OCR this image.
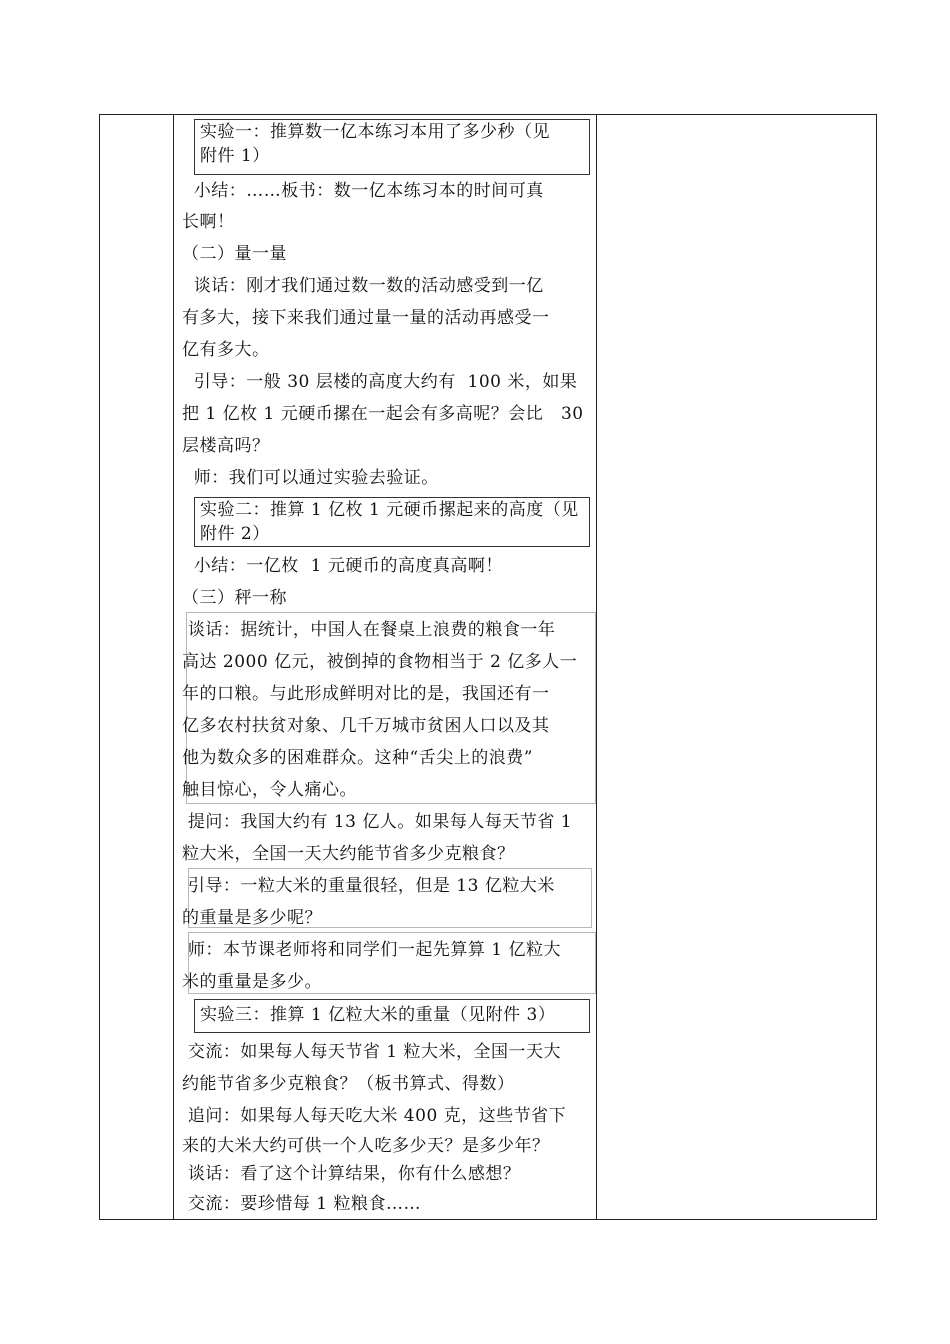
实验一：推算数一亿本练习本用了多少秒（见
附件 1）
小结：……板书：数一亿本练习本的时间可真
长啊！
（二）量一量
谈话：刚才我们通过数一数的活动感受到一亿
有多大，接下来我们通过量一量的活动再感受一
亿有多大。
引导：一般 30 层楼的高度大约有  100 米，如果
把 1 亿枚 1 元硬币摞在一起会有多高呢？会比   30
层楼高吗？
师：我们可以通过实验去验证。
实验二：推算 1 亿枚 1 元硬币摞起来的高度（见
附件 2）
小结：一亿枚  1 元硬币的高度真高啊！
（三）秤一称
谈话：据统计，中国人在餐桌上浪费的粮食一年
高达 2000 亿元，被倒掉的食物相当于 2 亿多人一
年的口粮。与此形成鲜明对比的是，我国还有一
亿多农村扶贫对象、几千万城市贫困人口以及其
他为数众多的困难群众。这种“舌尖上的浪费”
触目惊心，令人痛心。
提问：我国大约有 13 亿人。如果每人每天节省 1
粒大米，全国一天大约能节省多少克粮食？
引导：一粒大米的重量很轻，但是 13 亿粒大米
的重量是多少呢？
师：本节课老师将和同学们一起先算算 1 亿粒大
米的重量是多少。
实验三：推算 1 亿粒大米的重量（见附件 3）
交流：如果每人每天节省 1 粒大米，全国一天大
约能节省多少克粮食？（板书算式、得数）
追问：如果每人每天吃大米 400 克，这些节省下
来的大米大约可供一个人吃多少天？是多少年？
谈话：看了这个计算结果，你有什么感想？
交流：要珍惜每 1 粒粮食……
